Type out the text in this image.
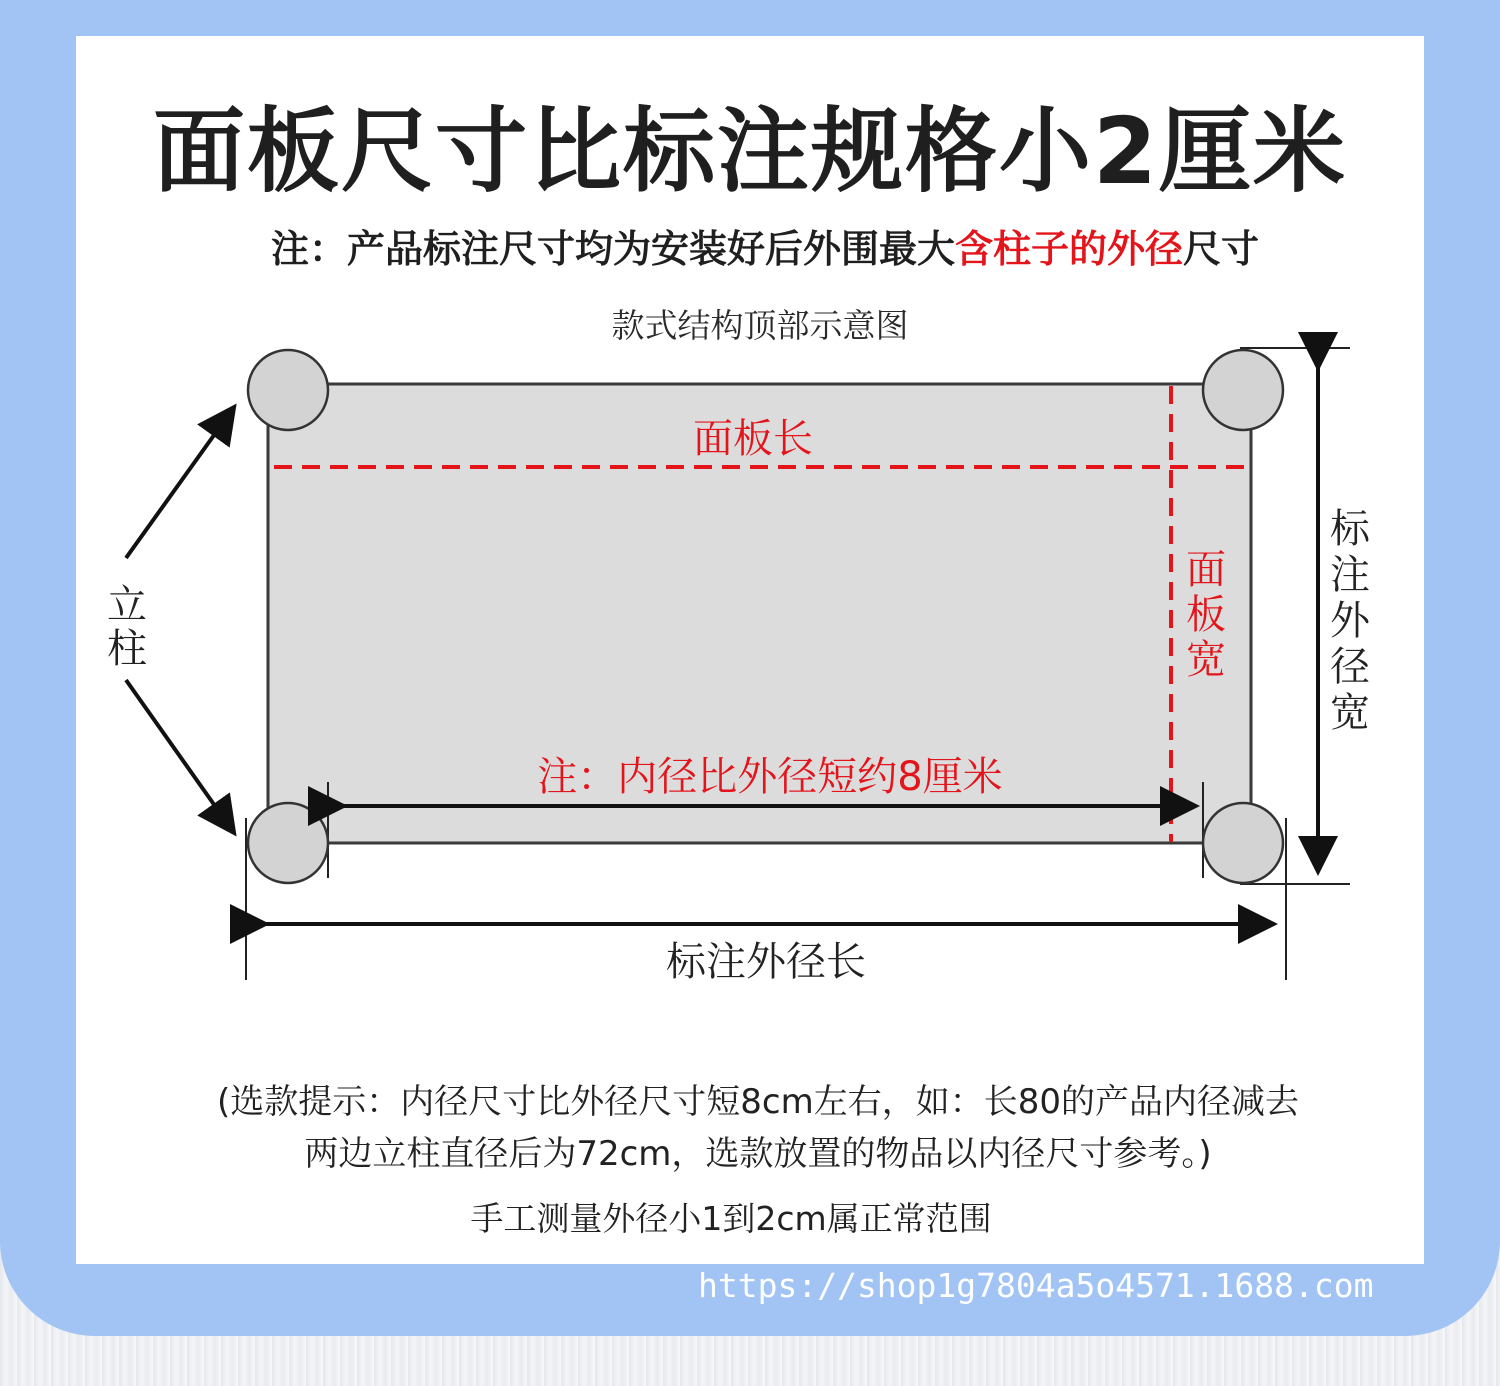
面板尺寸比标注规格小2厘米
注：产品标注尺寸均为安装好后外围最大含柱子的外径尺寸
款式结构顶部示意图
面板长
面
板
宽
立
柱
标
注
外
径
宽
注：内径比外径短约8厘米
标注外径长
(选款提示：内径尺寸比外径尺寸短8cm左右，如：长80的产品内径减去
两边立柱直径后为72cm，选款放置的物品以内径尺寸参考。)
手工测量外径小1到2cm属正常范围
https://shop1g7804a5o4571.1688.com
